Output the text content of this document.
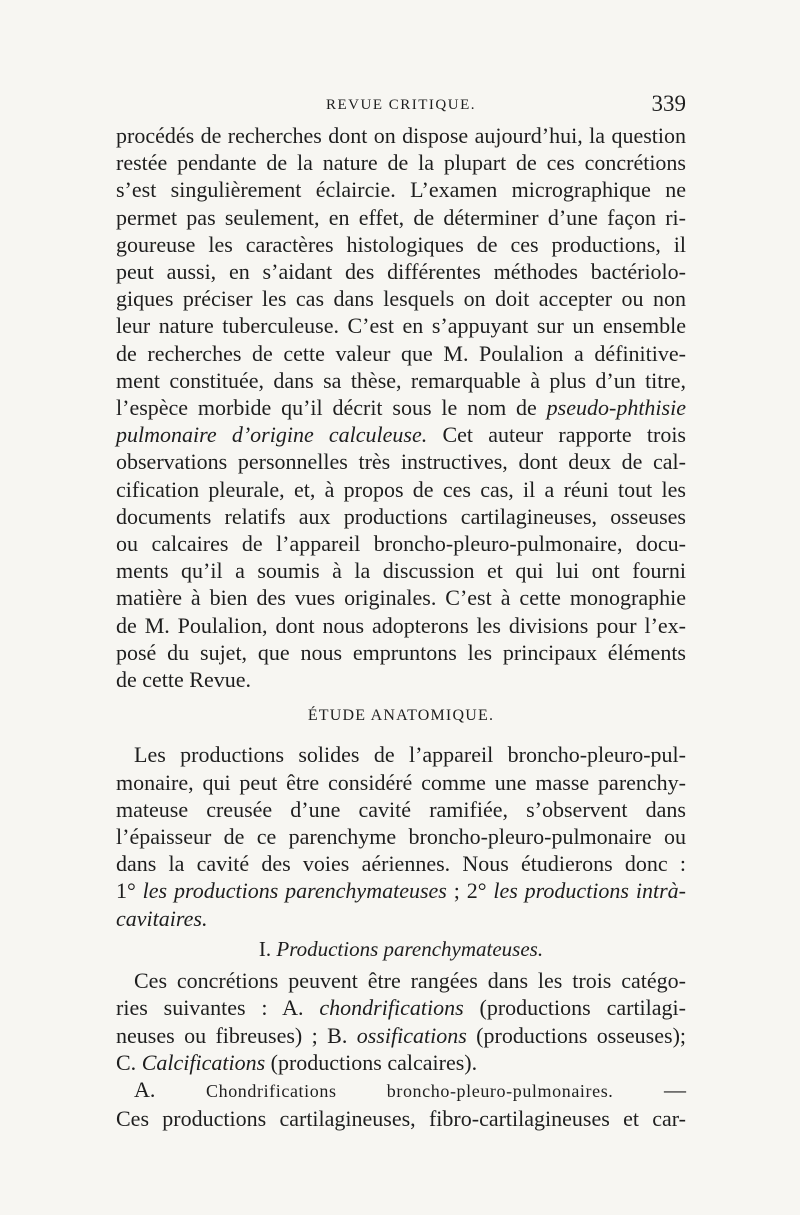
REVUE CRITIQUE.	339

procédés de recherches dont on dispose aujourd’hui, la question
restée pendante de la nature de la plupart de ces concrétions
s’est singulièrement éclaircie. L’examen micrographique ne
permet pas seulement, en effet, de déterminer d’une façon ri-
goureuse les caractères histologiques de ces productions, il
peut aussi, en s’aidant des différentes méthodes bactériolo-
giques préciser les cas dans lesquels on doit accepter ou non
leur nature tuberculeuse. C’est en s’appuyant sur un ensemble
de recherches de cette valeur que M. Poulalion a définitive-
ment constituée, dans sa thèse, remarquable à plus d’un titre,
l’espèce morbide qu’il décrit sous le nom de pseudo-phthisie
pulmonaire d’origine calculeuse. Cet auteur rapporte trois
observations personnelles très instructives, dont deux de cal-
cification pleurale, et, à propos de ces cas, il a réuni tout les
documents relatifs aux productions cartilagineuses, osseuses
ou calcaires de l’appareil broncho-pleuro-pulmonaire, docu-
ments qu’il a soumis à la discussion et qui lui ont fourni
matière à bien des vues originales. C’est à cette monographie
de M. Poulalion, dont nous adopterons les divisions pour l’ex-
posé du sujet, que nous empruntons les principaux éléments
de cette Revue.

ÉTUDE ANATOMIQUE.

Les productions solides de l’appareil broncho-pleuro-pul-
monaire, qui peut être considéré comme une masse parenchy-
mateuse creusée d’une cavité ramifiée, s’observent dans
l’épaisseur de ce parenchyme broncho-pleuro-pulmonaire ou
dans la cavité des voies aériennes. Nous étudierons donc :
1° les productions parenchymateuses ; 2° les productions intrà-
cavitaires.

I. Productions parenchymateuses.

Ces concrétions peuvent être rangées dans les trois catégo-
ries suivantes : A. chondrifications (productions cartilagi-
neuses ou fibreuses) ; B. ossifications (productions osseuses);
C. Calcifications (productions calcaires).

A. Chondrifications broncho-pleuro-pulmonaires. —
Ces productions cartilagineuses, fibro-cartilagineuses et car-
